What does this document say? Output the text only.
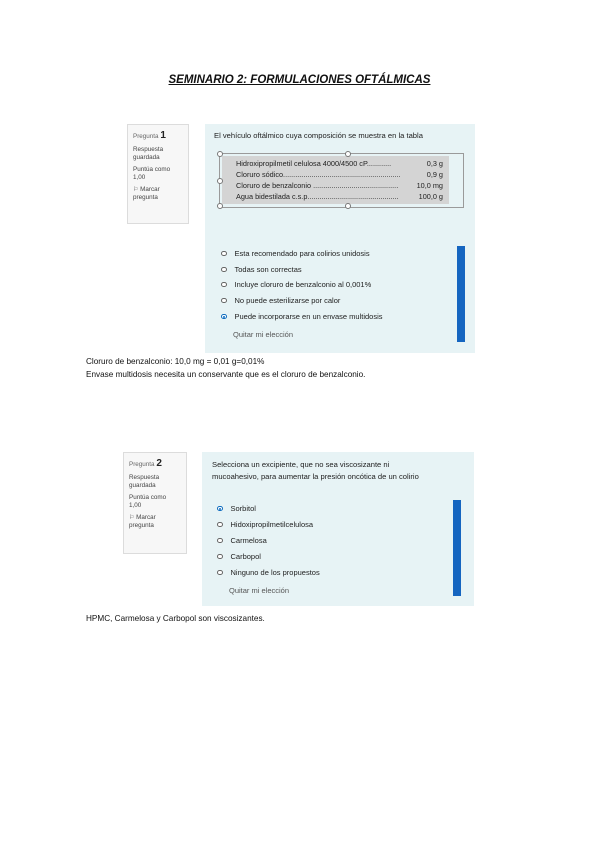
SEMINARIO 2: FORMULACIONES OFTÁLMICAS
Pregunta 1
Respuesta
guardada
Puntúa como
1,00
⚐ Marcar
pregunta
El vehículo oftálmico cuya composición se muestra en la tabla
Hidroxipropilmetil celulosa 4000/4500 cP............	0,3 g
Cloruro sódico..........................................................	0,9 g
Cloruro de benzalconio ..........................................	10,0 mg
Agua bidestilada c.s.p.............................................	100,0 g
Esta recomendado para colirios unidosis
Todas son correctas
Incluye cloruro de benzalconio al 0,001%
No puede esterilizarse por calor
Puede incorporarse en un envase multidosis
Quitar mi elección
Cloruro de benzalconio: 10,0 mg = 0,01 g=0,01%
Envase multidosis necesita un conservante que es el cloruro de benzalconio.
Pregunta 2
Respuesta
guardada
Puntúa como
1,00
⚐ Marcar
pregunta
Selecciona un excipiente, que no sea viscosizante ni
mucoahesivo, para aumentar la presión oncótica de un colirio
Sorbitol
Hidoxipropilmetilcelulosa
Carmelosa
Carbopol
Ninguno de los propuestos
Quitar mi elección
HPMC, Carmelosa y Carbopol son viscosizantes.
